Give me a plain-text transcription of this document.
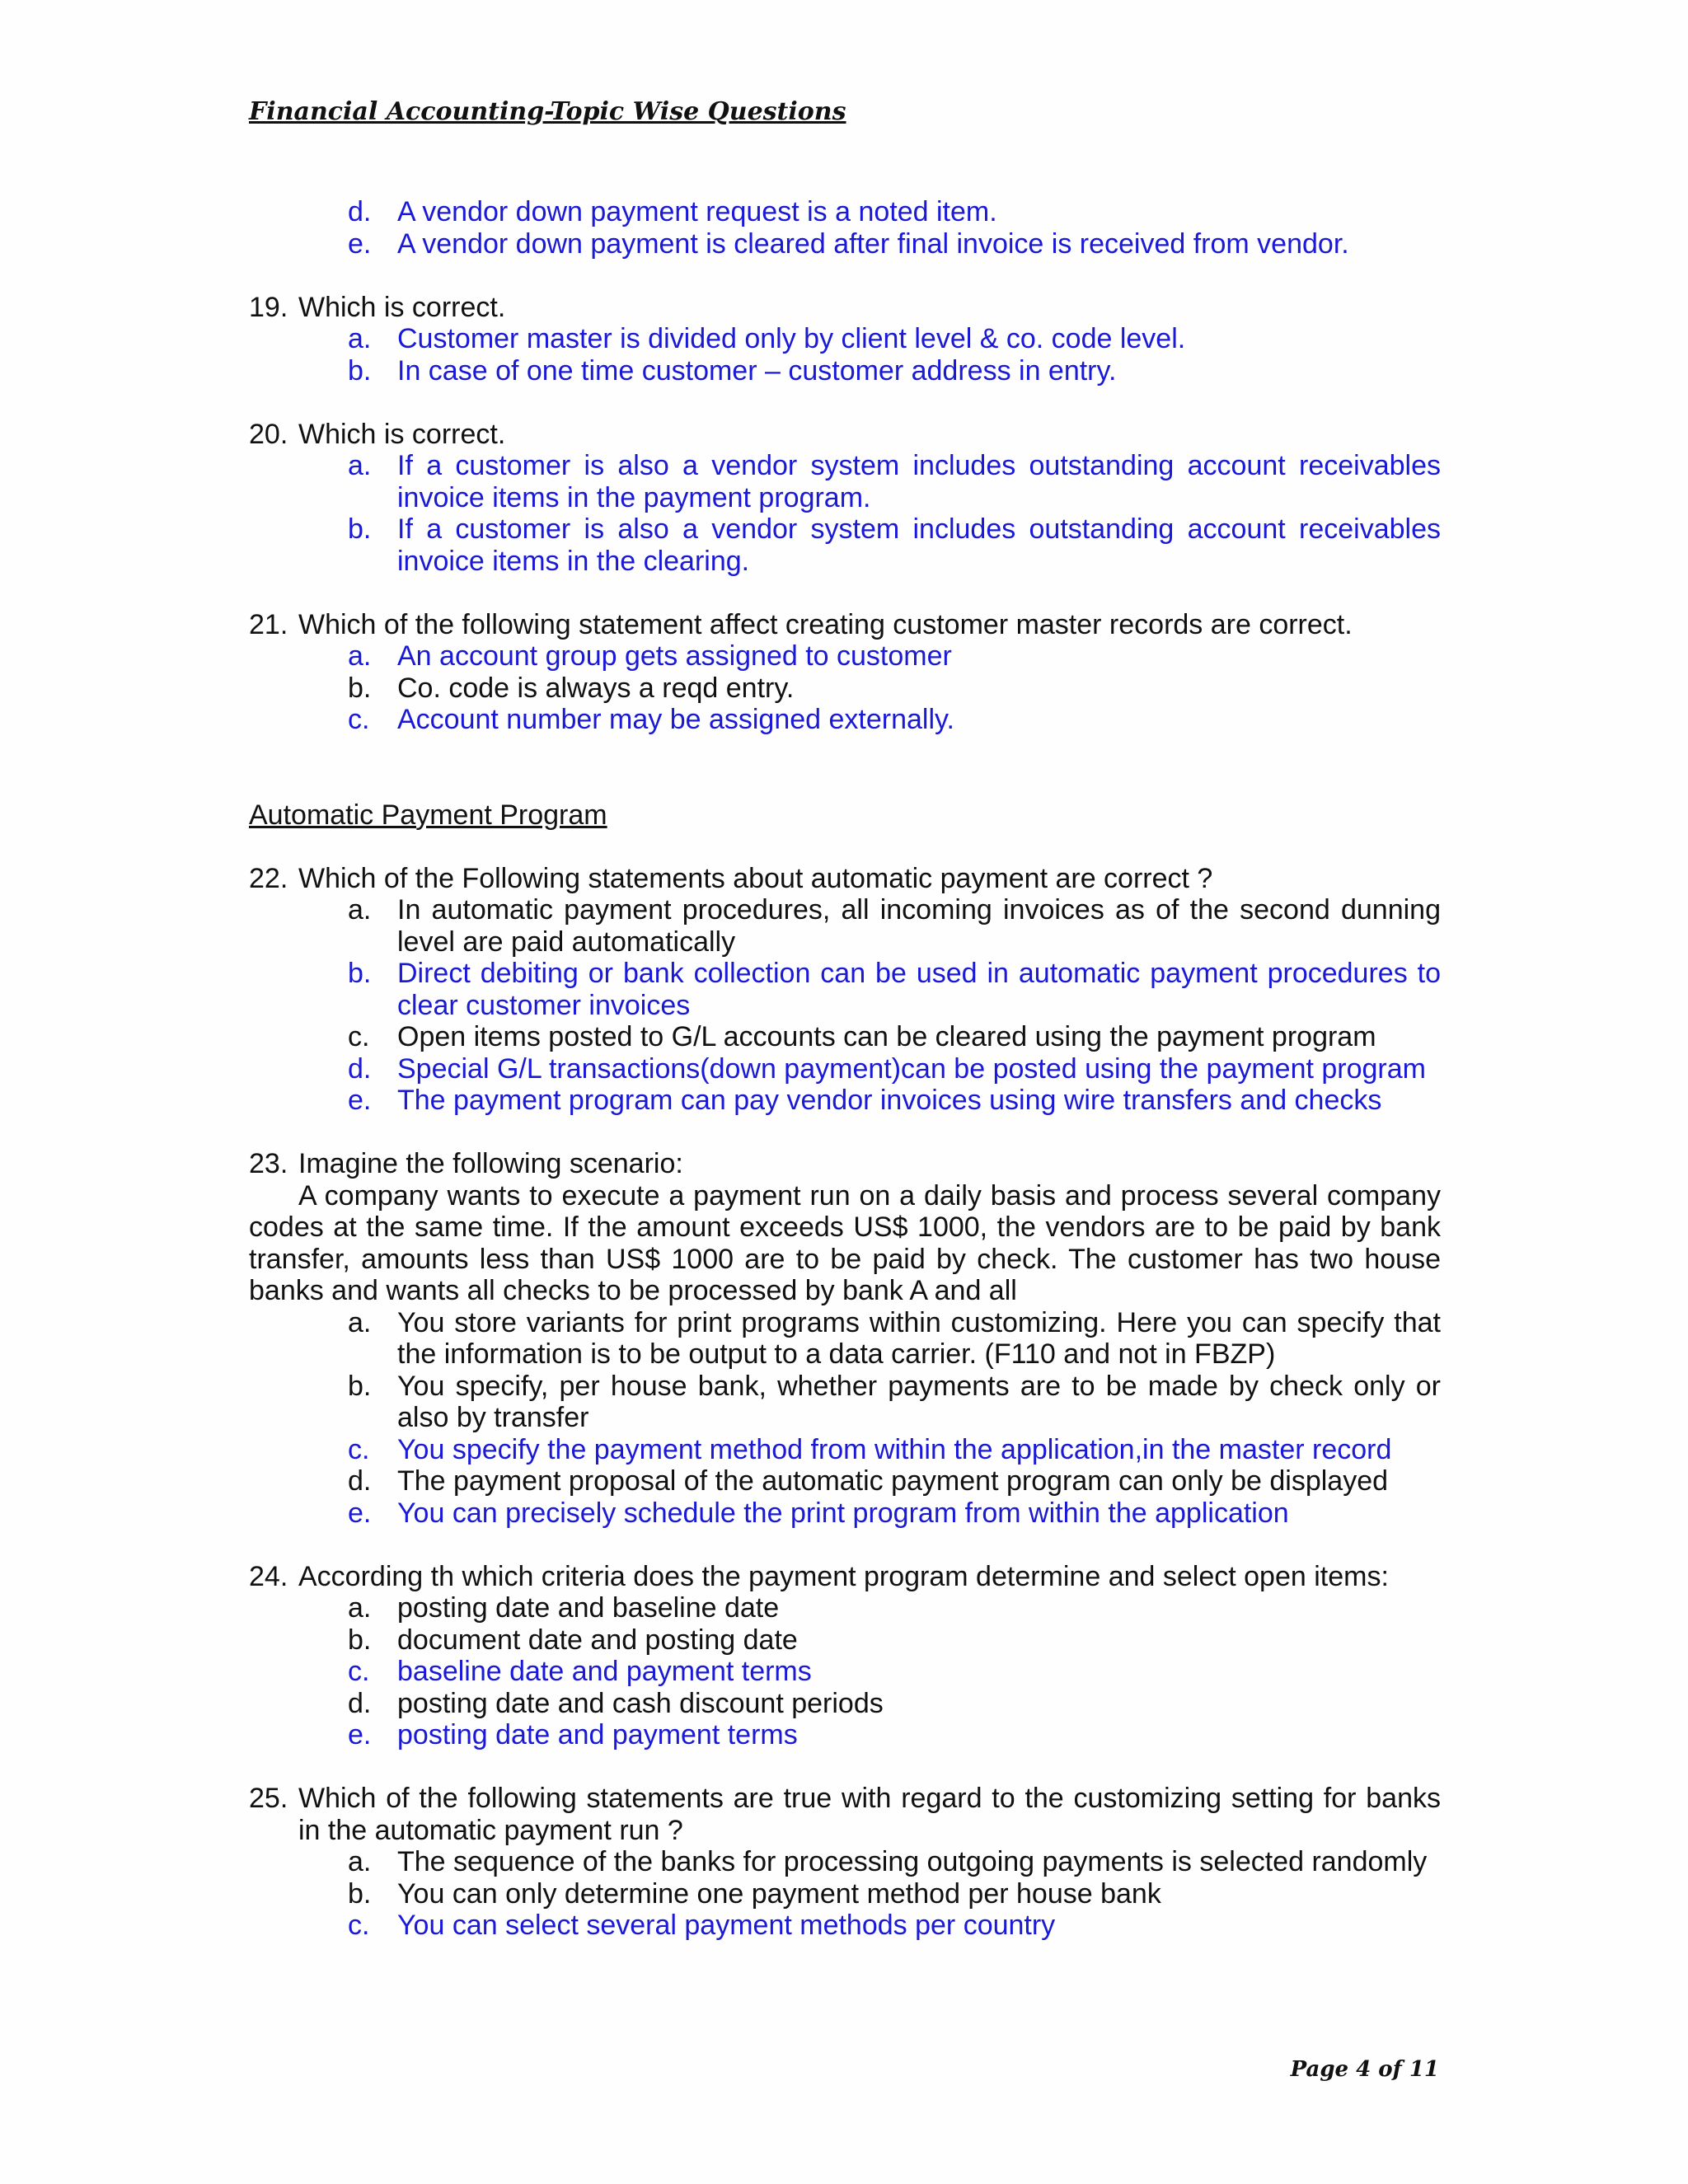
Financial Accounting-Topic Wise Questions
d. A vendor down payment request is a noted item.
e. A vendor down payment is cleared after final invoice is received from vendor.
19. Which is correct.
a. Customer master is divided only by client level & co. code level.
b. In case of one time customer – customer address in entry.
20. Which is correct.
a. If a customer is also a vendor system includes outstanding account receivables invoice items in the payment program.
b. If a customer is also a vendor system includes outstanding account receivables invoice items in the clearing.
21. Which of the following statement affect creating customer master records are correct.
a. An account group gets assigned to customer
b. Co. code is always a reqd entry.
c. Account number may be assigned externally.
Automatic Payment Program
22. Which of the Following statements about automatic payment are correct ?
a. In automatic payment procedures, all incoming invoices as of the second dunning level are paid automatically
b. Direct debiting or bank collection can be used in automatic payment procedures to clear customer invoices
c. Open items posted to G/L accounts can be cleared using the payment program
d. Special G/L transactions(down payment)can be posted using the payment program
e. The payment program can pay vendor invoices using wire transfers and checks
23. Imagine the following scenario:
A company wants to execute a payment run on a daily basis and process several company codes at the same time. If the amount exceeds US$ 1000, the vendors are to be paid by bank transfer, amounts less than US$ 1000 are to be paid by check. The customer has two house banks and wants all checks to be processed by bank A and all
a. You store variants for print programs within customizing. Here you can specify that the information is to be output to a data carrier. (F110 and not in FBZP)
b. You specify, per house bank, whether payments are to be made by check only or also by transfer
c. You specify the payment method from within the application,in the master record
d. The payment proposal of the automatic payment program can only be displayed
e. You can precisely schedule the print program from within the application
24. According th which criteria does the payment program determine and select open items:
a. posting date and baseline date
b. document date and posting date
c. baseline date and payment terms
d. posting date and cash discount periods
e. posting date and payment terms
25. Which of the following statements are true with regard to the customizing setting for banks in the automatic payment run ?
a. The sequence of the banks for processing outgoing payments is selected randomly
b. You can only determine one payment method per house bank
c. You can select several payment methods per country
Page 4 of 11
